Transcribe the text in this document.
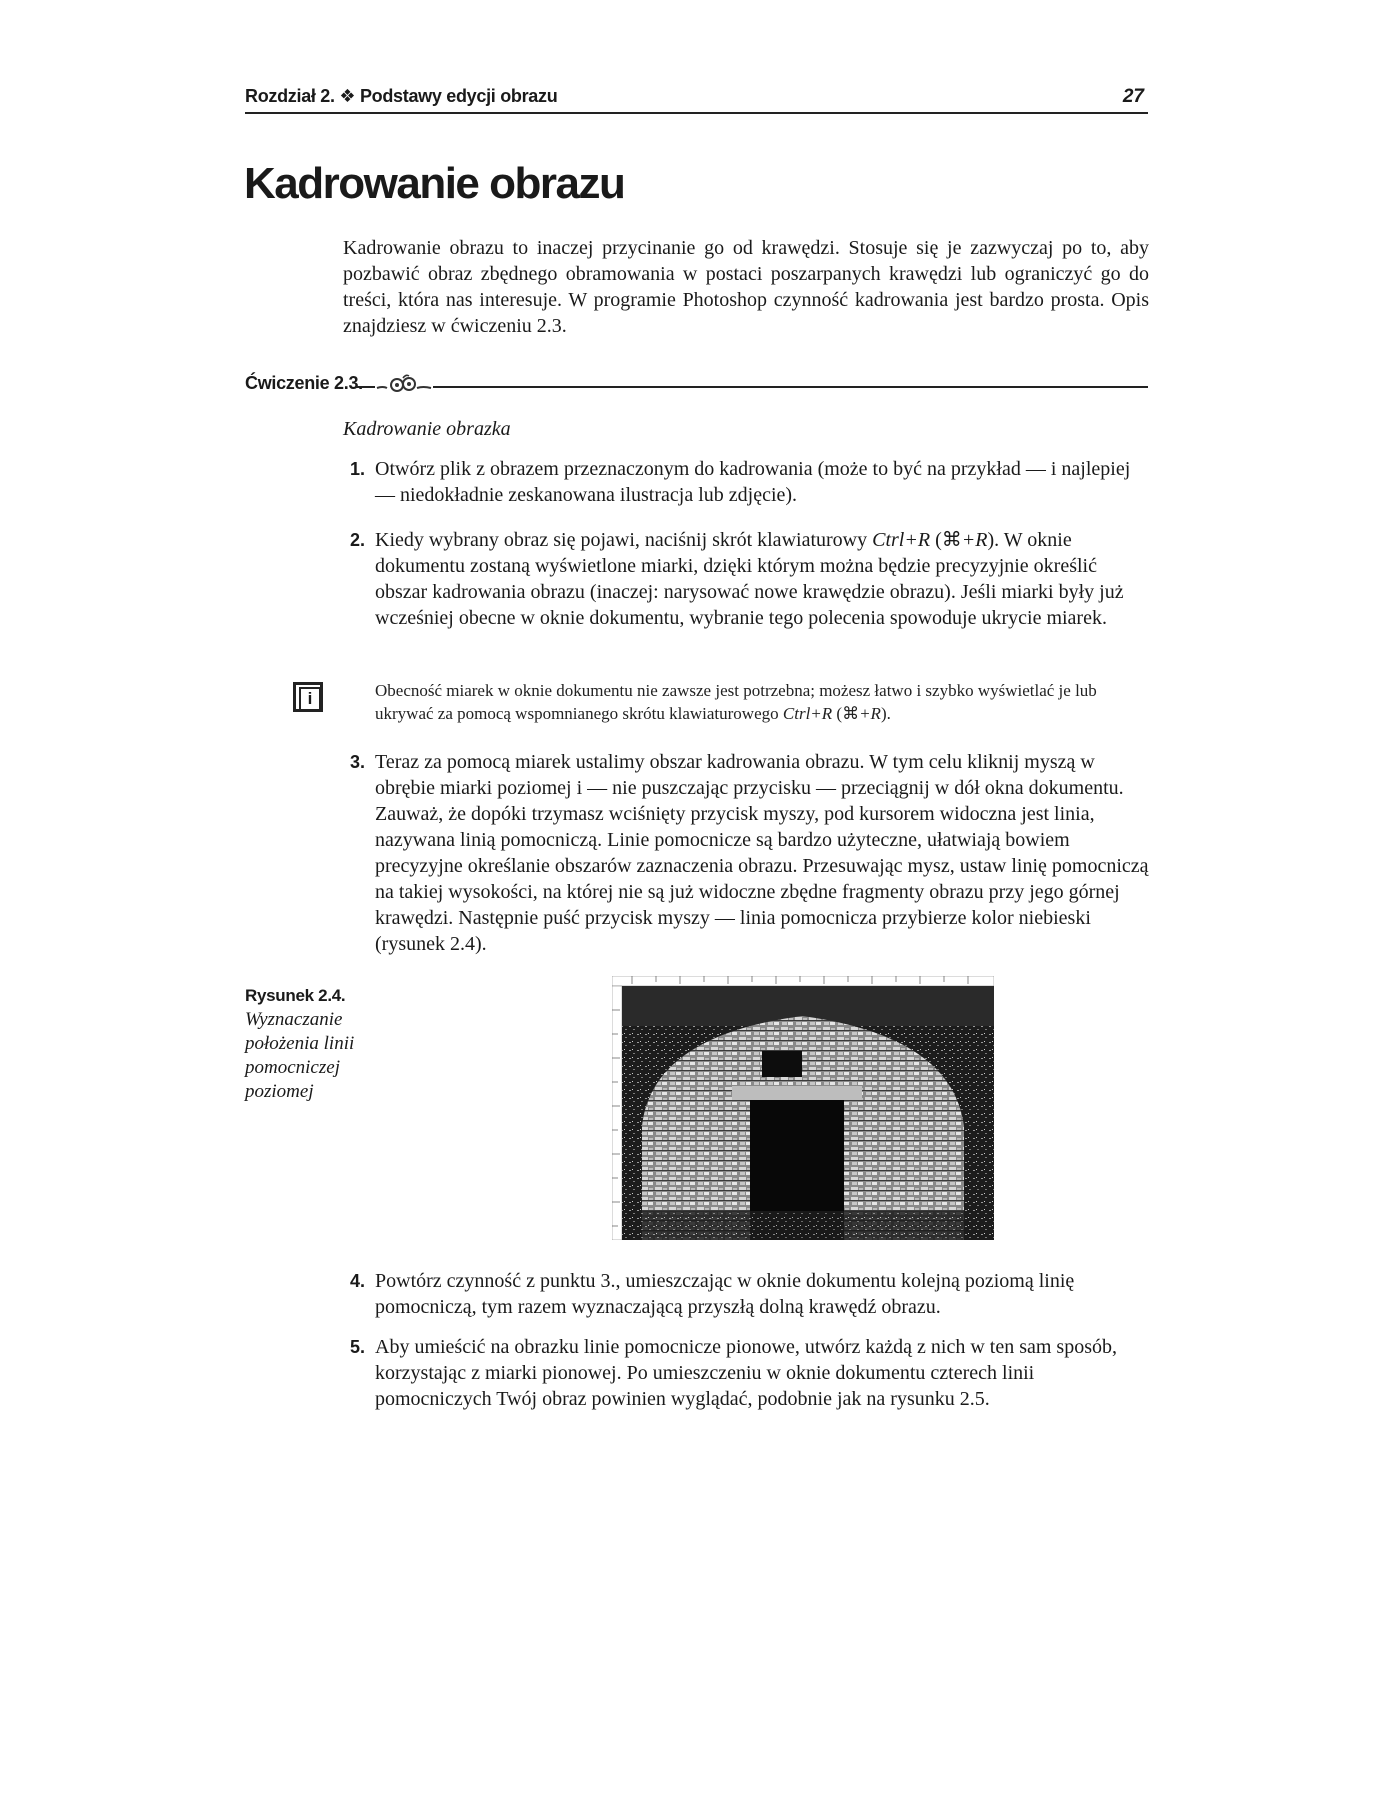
Rozdział 2. ❖ Podstawy edycji obrazu	27
Kadrowanie obrazu

Kadrowanie obrazu to inaczej przycinanie go od krawędzi. Stosuje się je zazwyczaj po to, aby pozbawić obraz zbędnego obramowania w postaci poszarpanych krawędzi lub ograniczyć go do treści, która nas interesuje. W programie Photoshop czynność kadrowania jest bardzo prosta. Opis znajdziesz w ćwiczeniu 2.3.

Ćwiczenie 2.3.
Kadrowanie obrazka
1. Otwórz plik z obrazem przeznaczonym do kadrowania (może to być na przykład — i najlepiej — niedokładnie zeskanowana ilustracja lub zdjęcie).
2. Kiedy wybrany obraz się pojawi, naciśnij skrót klawiaturowy Ctrl+R (⌘+R). W oknie dokumentu zostaną wyświetlone miarki, dzięki którym można będzie precyzyjnie określić obszar kadrowania obrazu (inaczej: narysować nowe krawędzie obrazu). Jeśli miarki były już wcześniej obecne w oknie dokumentu, wybranie tego polecenia spowoduje ukrycie miarek.
i	Obecność miarek w oknie dokumentu nie zawsze jest potrzebna; możesz łatwo i szybko wyświetlać je lub ukrywać za pomocą wspomnianego skrótu klawiaturowego Ctrl+R (⌘+R).
3. Teraz za pomocą miarek ustalimy obszar kadrowania obrazu. W tym celu kliknij myszą w obrębie miarki poziomej i — nie puszczając przycisku — przeciągnij w dół okna dokumentu. Zauważ, że dopóki trzymasz wciśnięty przycisk myszy, pod kursorem widoczna jest linia, nazywana linią pomocniczą. Linie pomocnicze są bardzo użyteczne, ułatwiają bowiem precyzyjne określanie obszarów zaznaczenia obrazu. Przesuwając mysz, ustaw linię pomocniczą na takiej wysokości, na której nie są już widoczne zbędne fragmenty obrazu przy jego górnej krawędzi. Następnie puść przycisk myszy — linia pomocnicza przybierze kolor niebieski (rysunek 2.4).
Rysunek 2.4.
Wyznaczanie położenia linii pomocniczej poziomej
4. Powtórz czynność z punktu 3., umieszczając w oknie dokumentu kolejną poziomą linię pomocniczą, tym razem wyznaczającą przyszłą dolną krawędź obrazu.
5. Aby umieścić na obrazku linie pomocnicze pionowe, utwórz każdą z nich w ten sam sposób, korzystając z miarki pionowej. Po umieszczeniu w oknie dokumentu czterech linii pomocniczych Twój obraz powinien wyglądać, podobnie jak na rysunku 2.5.
